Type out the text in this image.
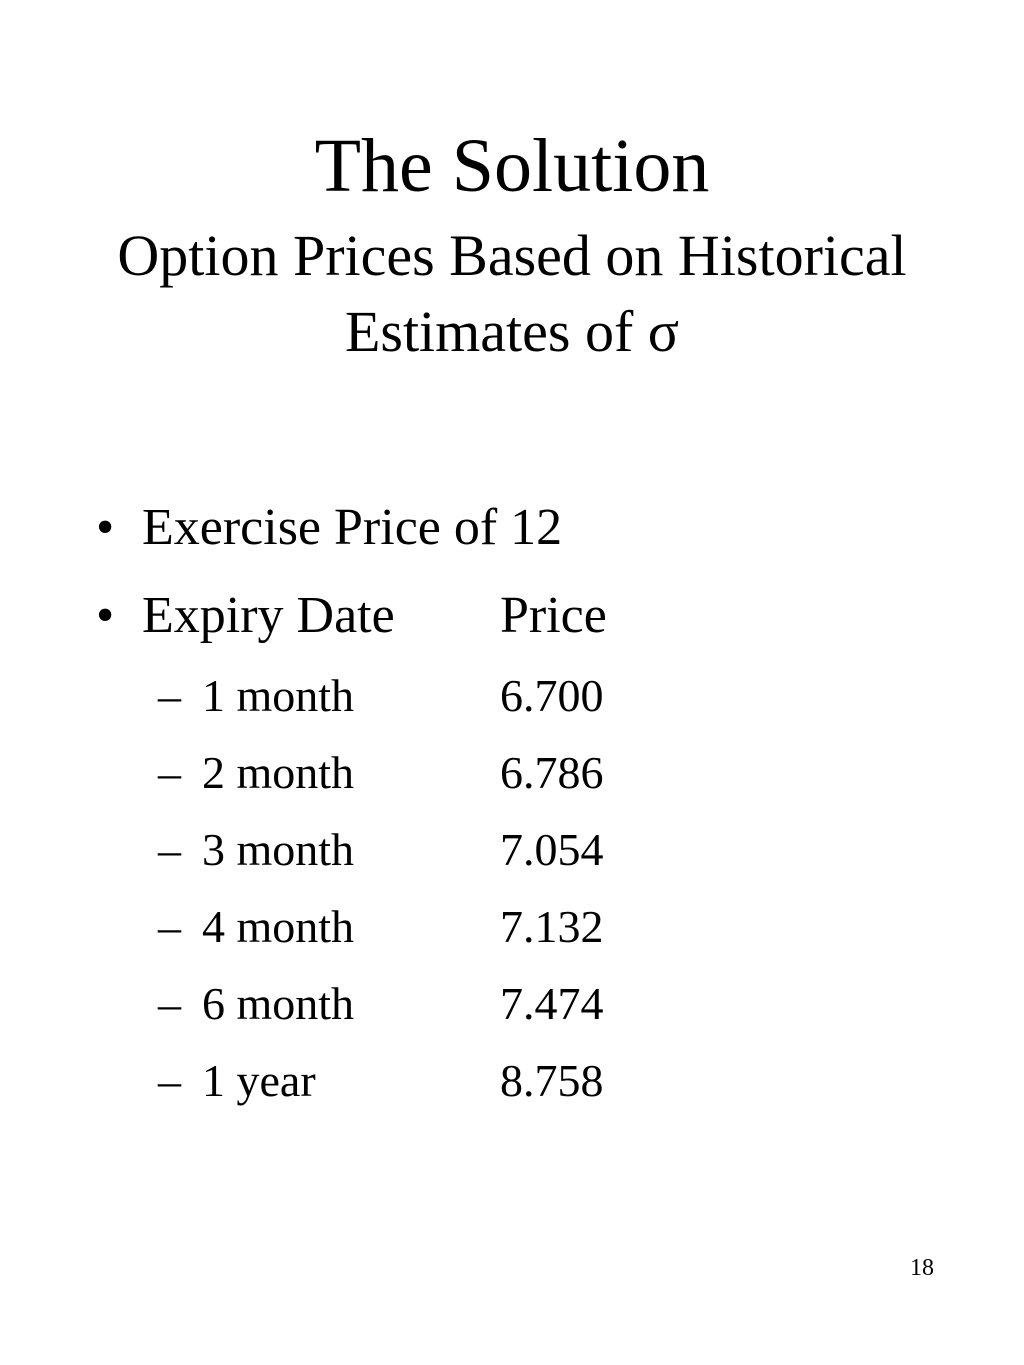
The Solution
Option Prices Based on Historical
Estimates of σ
• Exercise Price of 12
• Expiry Date Price
– 1 month	6.700
– 2 month	6.786
– 3 month	7.054
– 4 month	7.132
– 6 month	7.474
– 1 year	8.758
18
